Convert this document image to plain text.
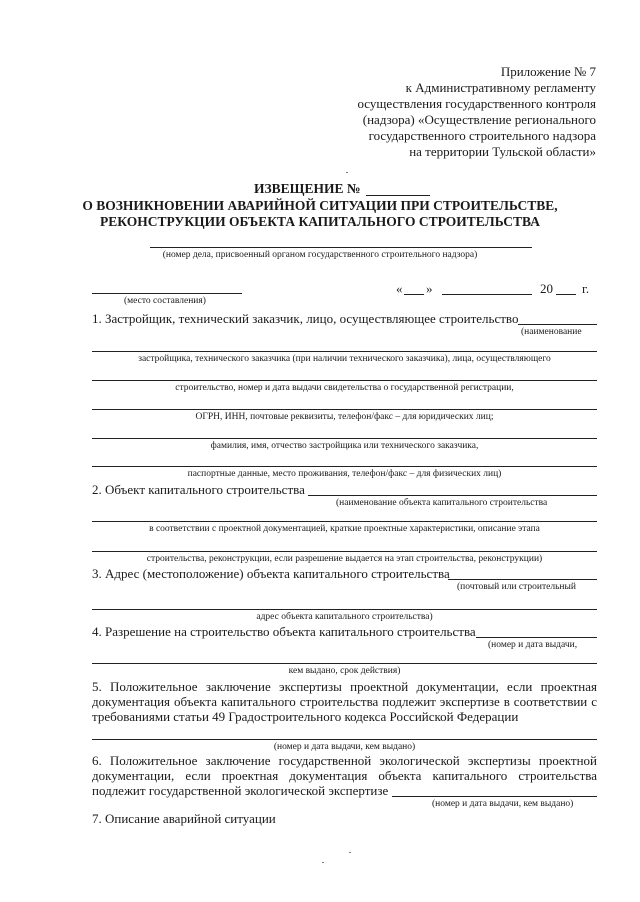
Приложение № 7
к Административному регламенту
осуществления государственного контроля
(надзора) «Осуществление регионального
государственного строительного надзора
на территории Тульской области»
ИЗВЕЩЕНИЕ №
О ВОЗНИКНОВЕНИИ АВАРИЙНОЙ СИТУАЦИИ ПРИ СТРОИТЕЛЬСТВЕ,
РЕКОНСТРУКЦИИ ОБЪЕКТА КАПИТАЛЬНОГО СТРОИТЕЛЬСТВА
(номер дела, присвоенный органом государственного строительного надзора)
(место составления)
« »	20 г.
1. Застройщик, технический заказчик, лицо, осуществляющее строительство
(наименование
застройщика, технического заказчика (при наличии технического заказчика), лица, осуществляющего
строительство, номер и дата выдачи свидетельства о государственной регистрации,
ОГРН, ИНН, почтовые реквизиты, телефон/факс – для юридических лиц;
фамилия, имя, отчество застройщика или технического заказчика,
паспортные данные, место проживания, телефон/факс – для физических лиц)
2. Объект капитального строительства
(наименование объекта капитального строительства
в соответствии с проектной документацией, краткие проектные характеристики, описание этапа
строительства, реконструкции, если разрешение выдается на этап строительства, реконструкции)
3. Адрес (местоположение) объекта капитального строительства
(почтовый или строительный
адрес объекта капитального строительства)
4. Разрешение на строительство объекта капитального строительства
(номер и дата выдачи,
кем выдано, срок действия)
5. Положительное заключение экспертизы проектной документации, если проектная документация объекта капитального строительства подлежит экспертизе в соответствии с требованиями статьи 49 Градостроительного кодекса Российской Федерации
(номер и дата выдачи, кем выдано)
6. Положительное заключение государственной экологической экспертизы проектной документации, если проектная документация объекта капитального строительства подлежит государственной экологической экспертизе
(номер и дата выдачи, кем выдано)
7. Описание аварийной ситуации
